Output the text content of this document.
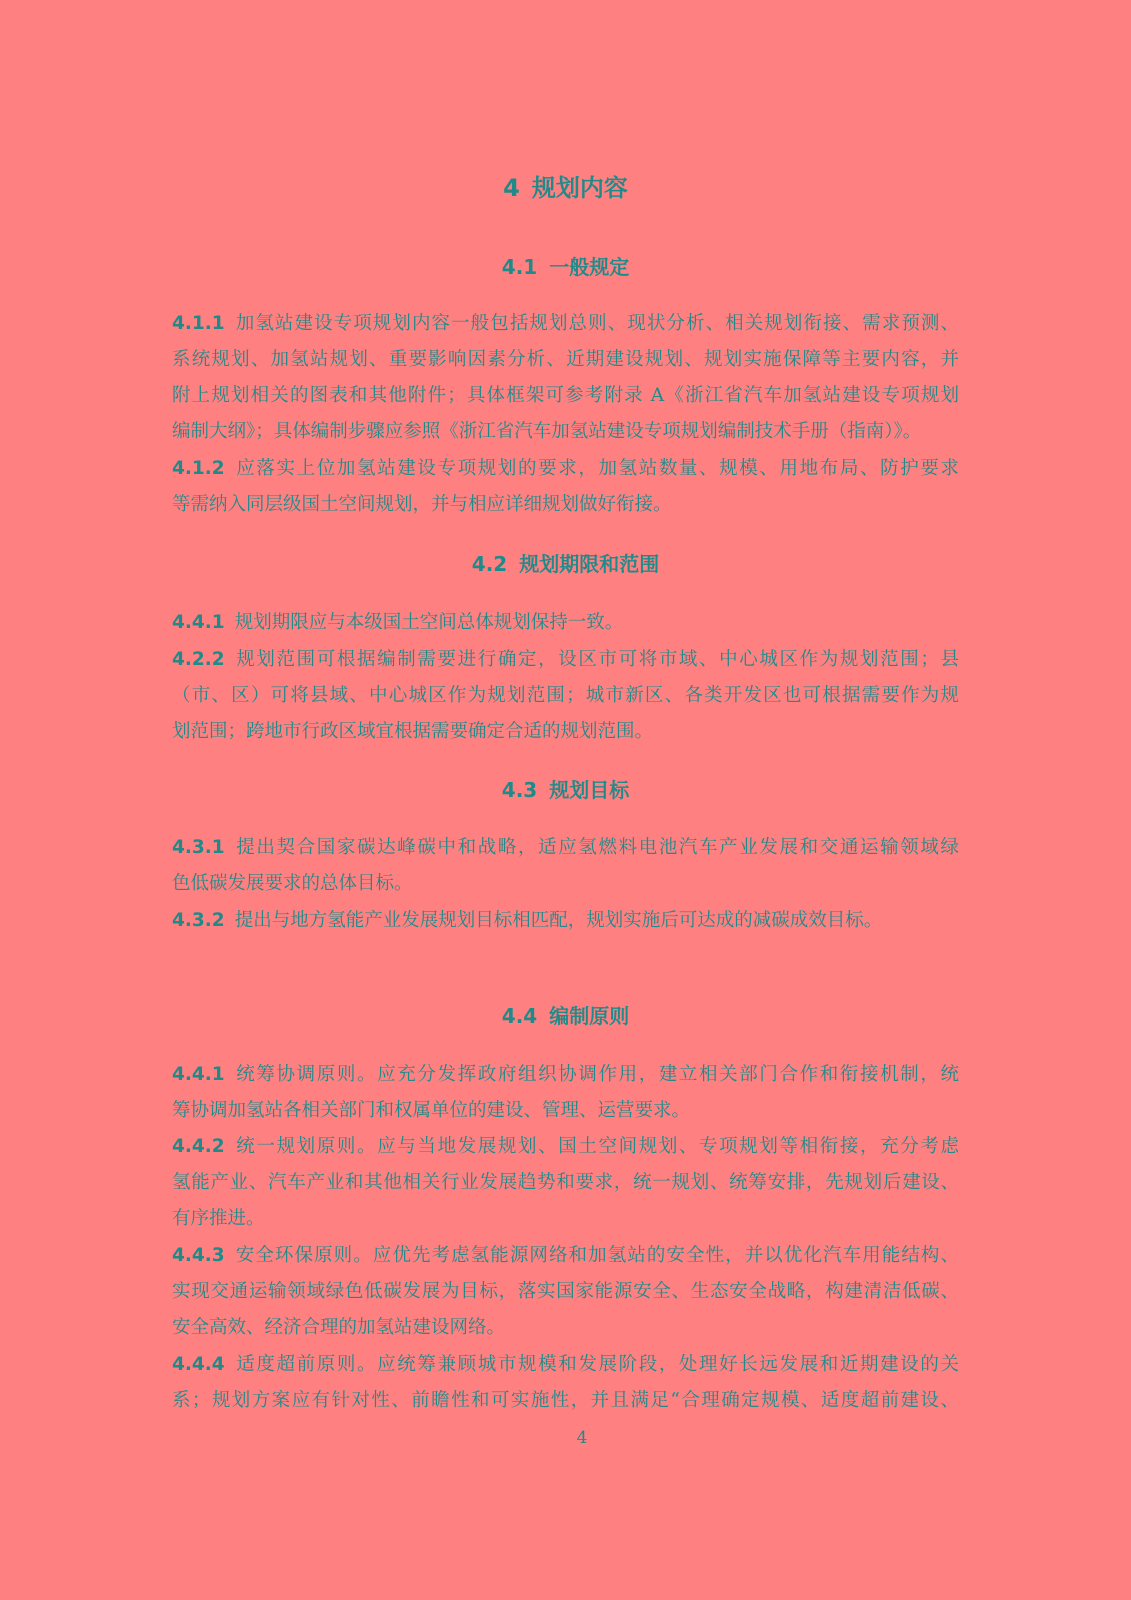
4 规划内容
4.1 一般规定
4.1.1 加氢站建设专项规划内容一般包括规划总则、现状分析、相关规划衔接、需求预测、
系统规划、加氢站规划、重要影响因素分析、近期建设规划、规划实施保障等主要内容，并
附上规划相关的图表和其他附件；具体框架可参考附录 A《浙江省汽车加氢站建设专项规划
编制大纲》；具体编制步骤应参照《浙江省汽车加氢站建设专项规划编制技术手册（指南）》。
4.1.2 应落实上位加氢站建设专项规划的要求，加氢站数量、规模、用地布局、防护要求
等需纳入同层级国土空间规划，并与相应详细规划做好衔接。
4.2 规划期限和范围
4.4.1 规划期限应与本级国土空间总体规划保持一致。
4.2.2 规划范围可根据编制需要进行确定，设区市可将市域、中心城区作为规划范围；县
（市、区）可将县域、中心城区作为规划范围；城市新区、各类开发区也可根据需要作为规
划范围；跨地市行政区域宜根据需要确定合适的规划范围。
4.3 规划目标
4.3.1 提出契合国家碳达峰碳中和战略，适应氢燃料电池汽车产业发展和交通运输领域绿
色低碳发展要求的总体目标。
4.3.2 提出与地方氢能产业发展规划目标相匹配，规划实施后可达成的减碳成效目标。
4.4 编制原则
4.4.1 统筹协调原则。应充分发挥政府组织协调作用，建立相关部门合作和衔接机制，统
筹协调加氢站各相关部门和权属单位的建设、管理、运营要求。
4.4.2 统一规划原则。应与当地发展规划、国土空间规划、专项规划等相衔接，充分考虑
氢能产业、汽车产业和其他相关行业发展趋势和要求，统一规划、统筹安排，先规划后建设、
有序推进。
4.4.3 安全环保原则。应优先考虑氢能源网络和加氢站的安全性，并以优化汽车用能结构、
实现交通运输领域绿色低碳发展为目标，落实国家能源安全、生态安全战略，构建清洁低碳、
安全高效、经济合理的加氢站建设网络。
4.4.4 适度超前原则。应统筹兼顾城市规模和发展阶段，处理好长远发展和近期建设的关
系；规划方案应有针对性、前瞻性和可实施性，并且满足“合理确定规模、适度超前建设、
4
